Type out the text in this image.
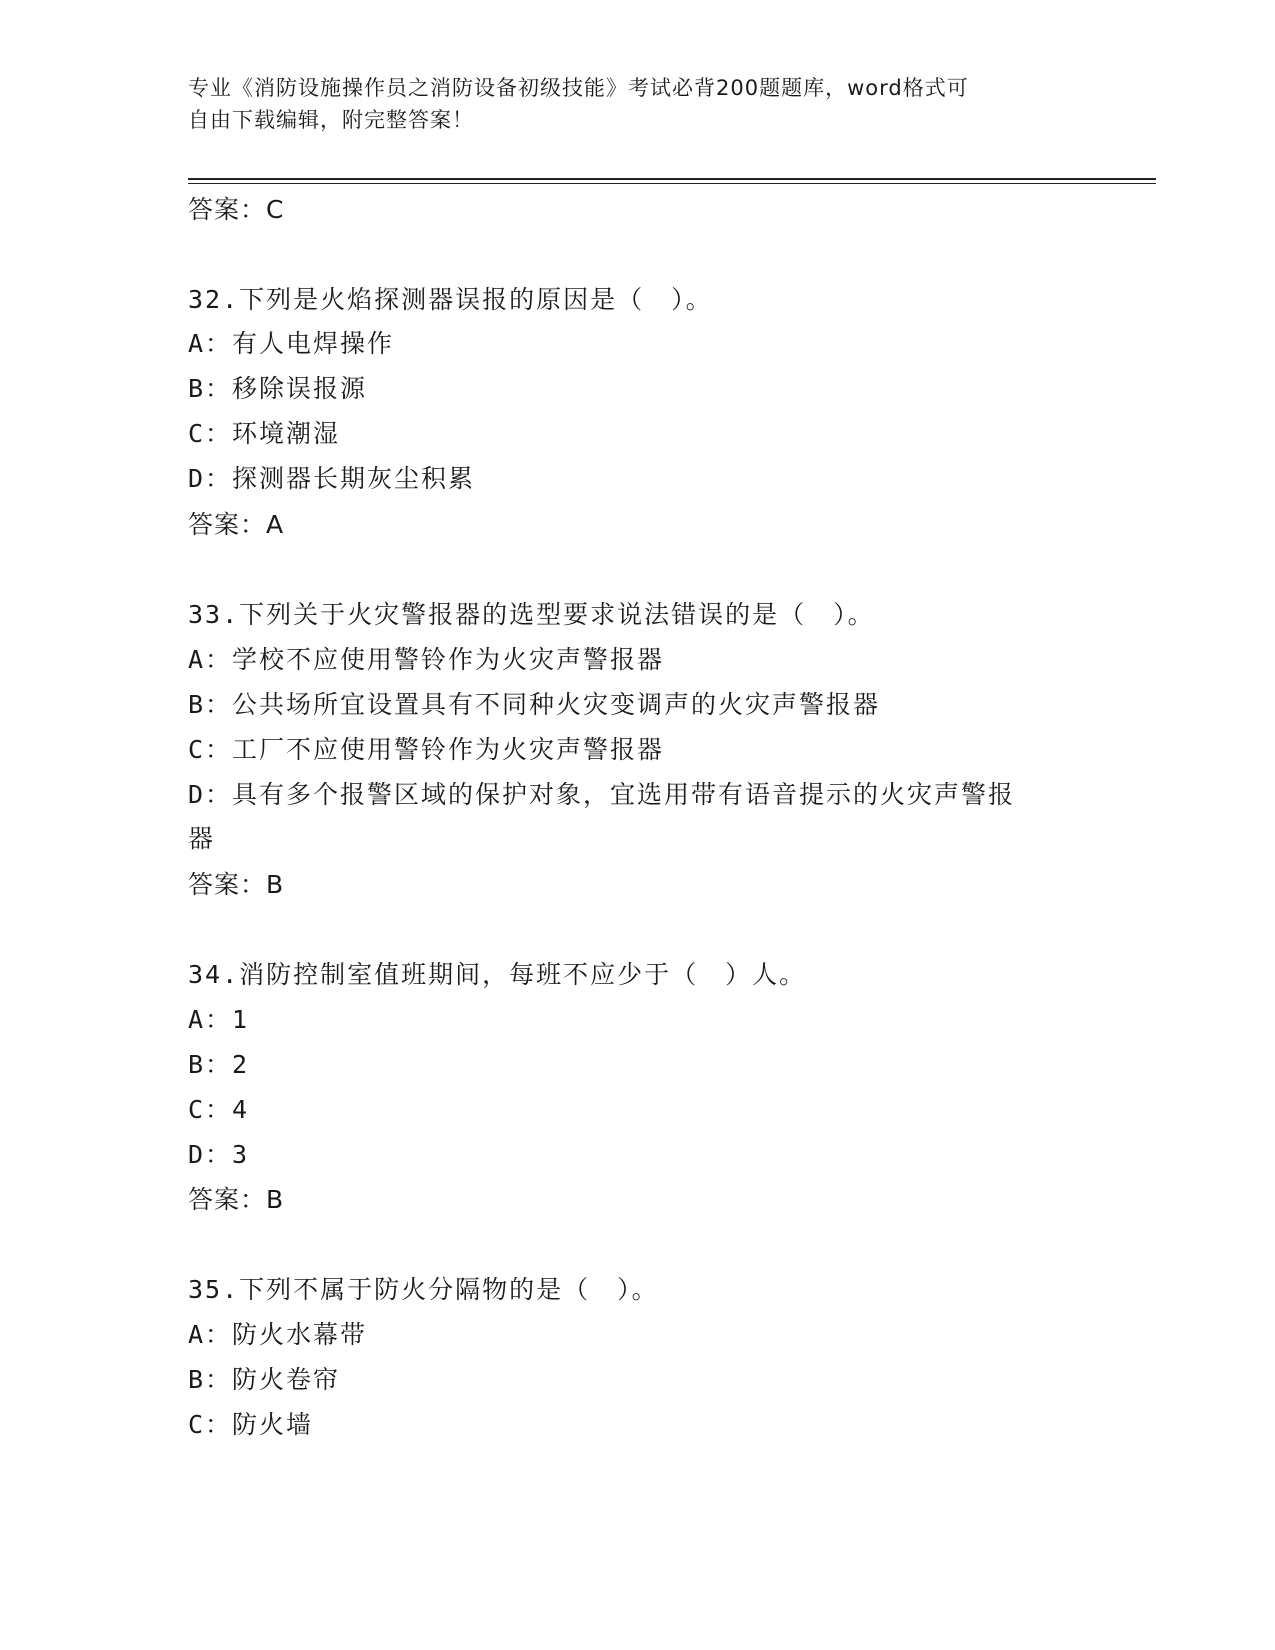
专业《消防设施操作员之消防设备初级技能》考试必背200题题库，word格式可
自由下载编辑，附完整答案！
答案：C
32.下列是火焰探测器误报的原因是（　）。
A：有人电焊操作
B：移除误报源
C：环境潮湿
D：探测器长期灰尘积累
答案：A
33.下列关于火灾警报器的选型要求说法错误的是（　）。
A：学校不应使用警铃作为火灾声警报器
B：公共场所宜设置具有不同种火灾变调声的火灾声警报器
C：工厂不应使用警铃作为火灾声警报器
D：具有多个报警区域的保护对象，宜选用带有语音提示的火灾声警报
器
答案：B
34.消防控制室值班期间，每班不应少于（　）人。
A：1
B：2
C：4
D：3
答案：B
35.下列不属于防火分隔物的是（　）。
A：防火水幕带
B：防火卷帘
C：防火墙
